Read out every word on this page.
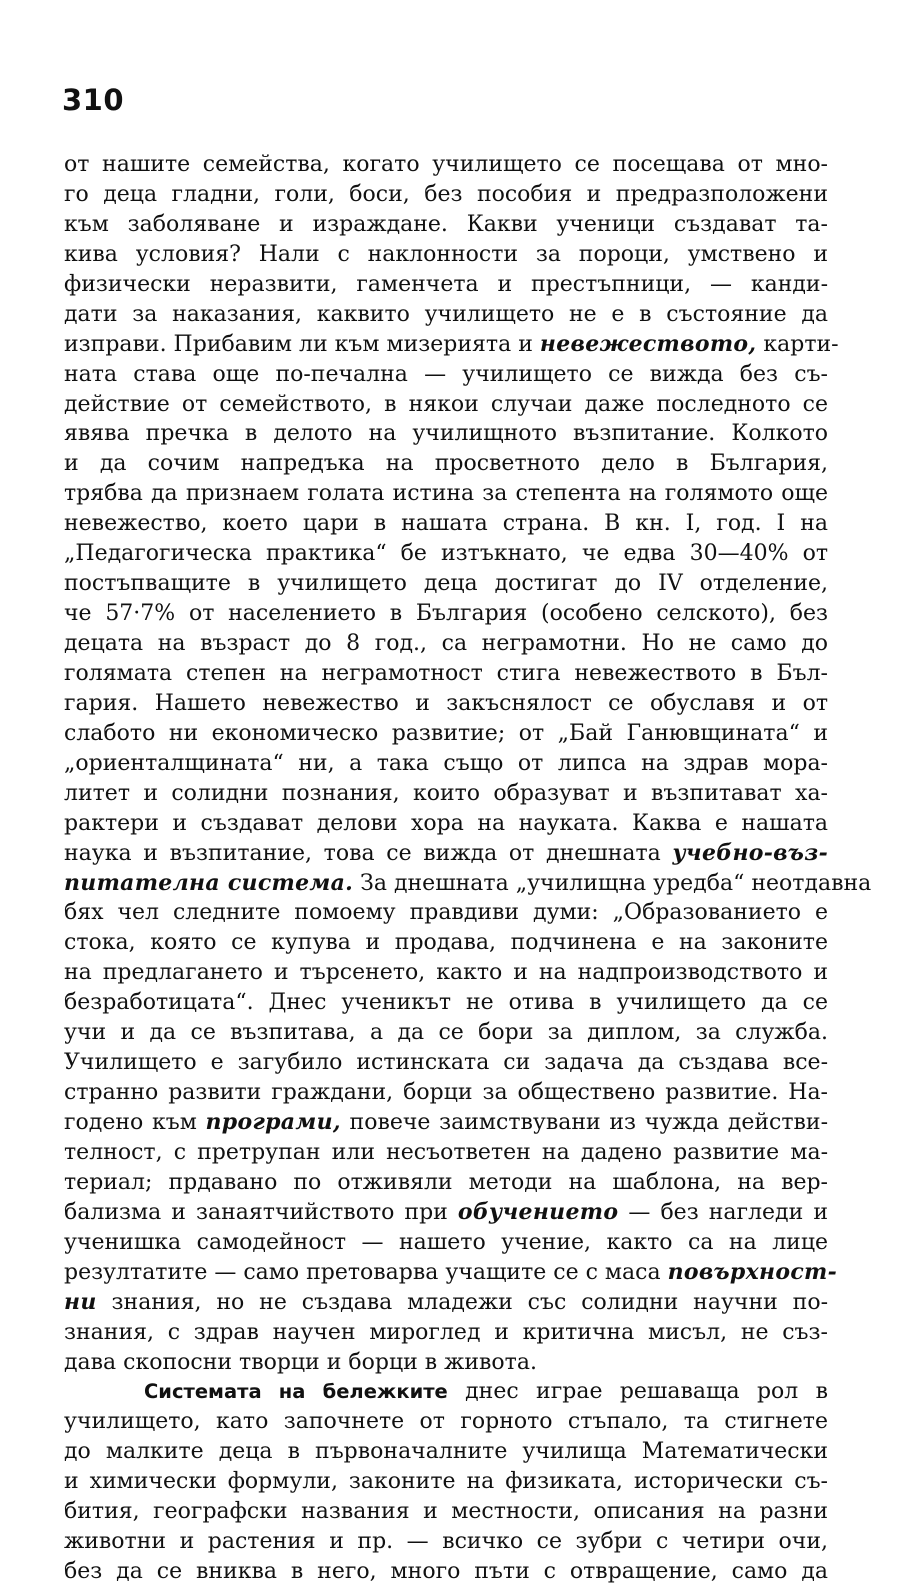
310
от нашите семейства, когато училището се посещава от мно-
го деца гладни, голи, боси, без пособия и предразположени
към заболяване и израждане. Какви ученици създават та-
кива условия? Нали с наклонности за пороци, умствено и
физически неразвити, гаменчета и престъпници, — канди-
дати за наказания, каквито училището не е в състояние да
изправи. Прибавим ли към мизерията и невежеството, карти-
ната става още по-печална — училището се вижда без съ-
действие от семейството, в някои случаи даже последното се
явява пречка в делото на училищното възпитание. Колкото
и да сочим напредъка на просветното дело в България,
трябва да признаем голата истина за степента на голямото още
невежество, което цари в нашата страна. В кн. I, год. I на
„Педагогическа практика“ бе изтъкнато, че едва 30—40% от
постъпващите в училището деца достигат до IV отделение,
че 57·7% от населението в България (особено селското), без
децата на възраст до 8 год., са неграмотни. Но не само до
голямата степен на неграмотност стига невежеството в Бъл-
гария. Нашето невежество и закъснялост се обуславя и от
слабото ни економическо развитие; от „Бай Ганювщината“ и
„ориенталщината“ ни, а така също от липса на здрав мора-
литет и солидни познания, които образуват и възпитават ха-
рактери и създават делови хора на науката. Каква е нашата
наука и възпитание, това се вижда от днешната учебно-въз-
питателна система. За днешната „училищна уредба“ неотдавна
бях чел следните помоему правдиви думи: „Образованието е
стока, която се купува и продава, подчинена е на законите
на предлагането и търсенето, както и на надпроизводството и
безработицата“. Днес ученикът не отива в училището да се
учи и да се възпитава, а да се бори за диплом, за служба.
Училището е загубило истинската си задача да създава все-
странно развити граждани, борци за обществено развитие. На-
годено към програми, повече заимствувани из чужда действи-
телност, с претрупан или несъответен на дадено развитие ма-
териал; прдавано по отживяли методи на шаблона, на вер-
бализма и занаятчийството при обучението — без нагледи и
ученишка самодейност — нашето учение, както са на лице
резултатите — само претоварва учащите се с маса повърхност-
ни знания, но не създава младежи със солидни научни по-
знания, с здрав научен мироглед и критична мисъл, не съз-
дава скопосни творци и борци в живота.
Системата на бележките днес играе решаваща рол в
училището, като започнете от горното стъпало, та стигнете
до малките деца в първоначалните училища Математически
и химически формули, законите на физиката, исторически съ-
бития, географски названия и местности, описания на разни
животни и растения и пр. — всичко се зубри с четири очи,
без да се вниква в него, много пъти с отвращение, само да
